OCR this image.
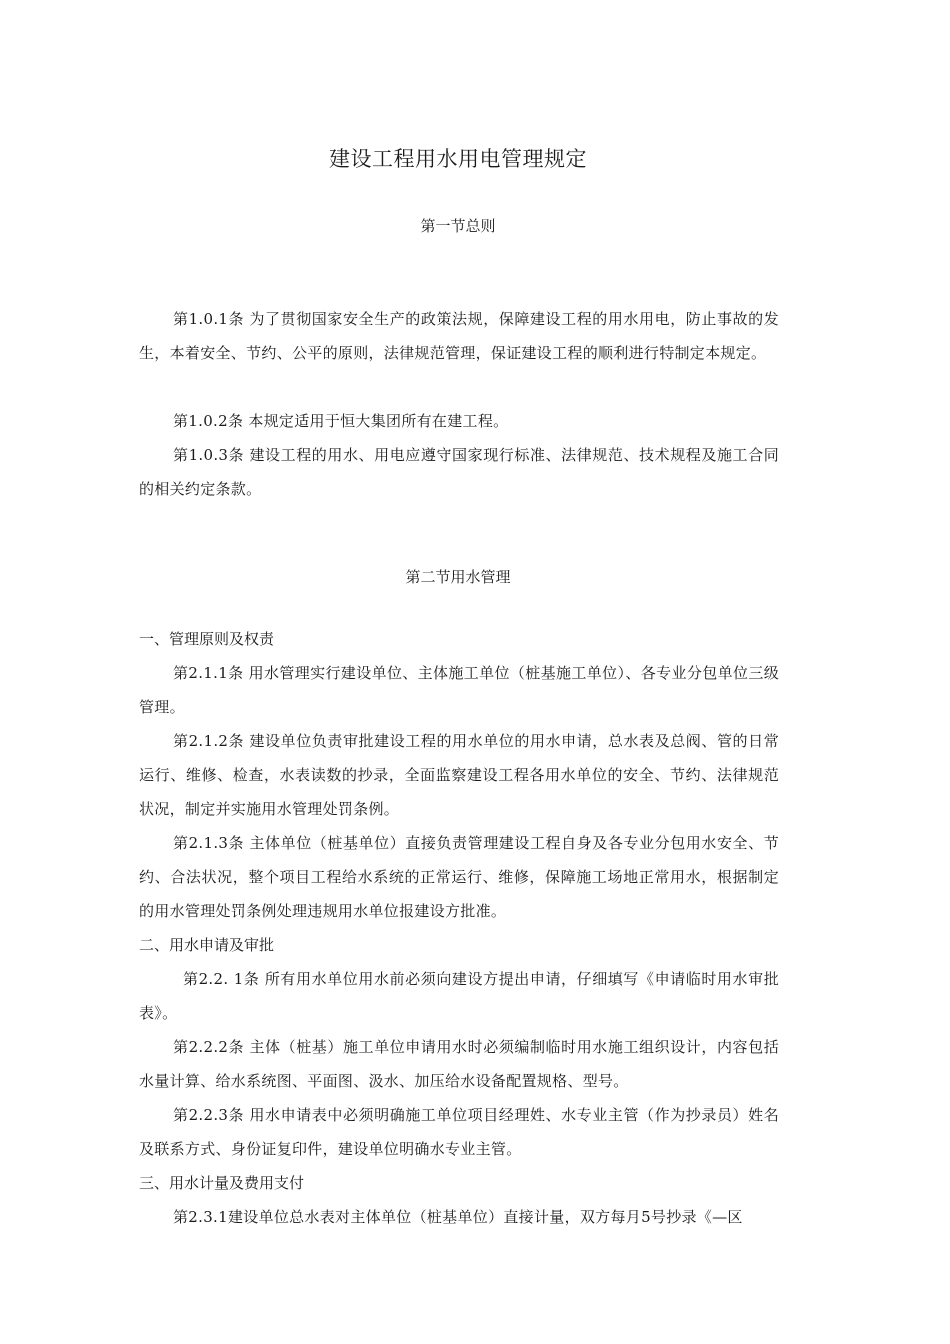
建设工程用水用电管理规定
第一节总则
第1.0.1条 为了贯彻国家安全生产的政策法规，保障建设工程的用水用电，防止事故的发生，本着安全、节约、公平的原则，法律规范管理，保证建设工程的顺利进行特制定本规定。
第1.0.2条 本规定适用于恒大集团所有在建工程。
第1.0.3条 建设工程的用水、用电应遵守国家现行标准、法律规范、技术规程及施工合同的相关约定条款。
第二节用水管理
一、管理原则及权责
第2.1.1条 用水管理实行建设单位、主体施工单位（桩基施工单位）、各专业分包单位三级管理。
第2.1.2条 建设单位负责审批建设工程的用水单位的用水申请，总水表及总阀、管的日常运行、维修、检查，水表读数的抄录，全面监察建设工程各用水单位的安全、节约、法律规范状况，制定并实施用水管理处罚条例。
第2.1.3条 主体单位（桩基单位）直接负责管理建设工程自身及各专业分包用水安全、节约、合法状况，整个项目工程给水系统的正常运行、维修，保障施工场地正常用水，根据制定的用水管理处罚条例处理违规用水单位报建设方批准。
二、用水申请及审批
第2.2. 1条 所有用水单位用水前必须向建设方提出申请，仔细填写《申请临时用水审批表》。
第2.2.2条 主体（桩基）施工单位申请用水时必须编制临时用水施工组织设计，内容包括水量计算、给水系统图、平面图、汲水、加压给水设备配置规格、型号。
第2.2.3条 用水申请表中必须明确施工单位项目经理姓、水专业主管（作为抄录员）姓名及联系方式、身份证复印件，建设单位明确水专业主管。
三、用水计量及费用支付
第2.3.1建设单位总水表对主体单位（桩基单位）直接计量，双方每月5号抄录《—区
